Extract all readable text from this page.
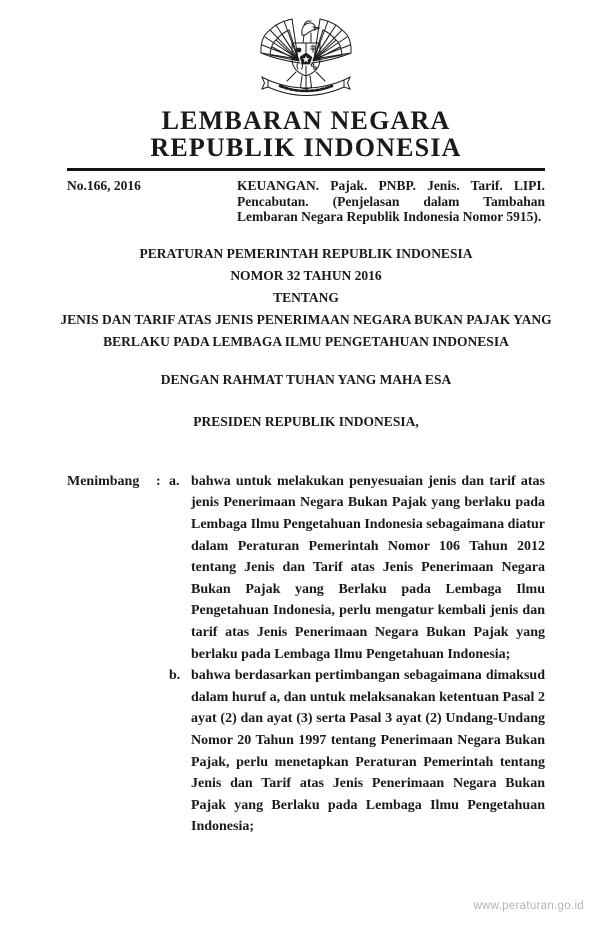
LEMBARAN NEGARA
REPUBLIK INDONESIA
No.166, 2016	KEUANGAN. Pajak. PNBP. Jenis. Tarif. LIPI. Pencabutan. (Penjelasan dalam Tambahan Lembaran Negara Republik Indonesia Nomor 5915).
PERATURAN PEMERINTAH REPUBLIK INDONESIA
NOMOR 32 TAHUN 2016
TENTANG
JENIS DAN TARIF ATAS JENIS PENERIMAAN NEGARA BUKAN PAJAK YANG
BERLAKU PADA LEMBAGA ILMU PENGETAHUAN INDONESIA
DENGAN RAHMAT TUHAN YANG MAHA ESA
PRESIDEN REPUBLIK INDONESIA,
Menimbang	: a. bahwa untuk melakukan penyesuaian jenis dan tarif atas jenis Penerimaan Negara Bukan Pajak yang berlaku pada Lembaga Ilmu Pengetahuan Indonesia sebagaimana diatur dalam Peraturan Pemerintah Nomor 106 Tahun 2012 tentang Jenis dan Tarif atas Jenis Penerimaan Negara Bukan Pajak yang Berlaku pada Lembaga Ilmu Pengetahuan Indonesia, perlu mengatur kembali jenis dan tarif atas Jenis Penerimaan Negara Bukan Pajak yang berlaku pada Lembaga Ilmu Pengetahuan Indonesia;
b. bahwa berdasarkan pertimbangan sebagaimana dimaksud dalam huruf a, dan untuk melaksanakan ketentuan Pasal 2 ayat (2) dan ayat (3) serta Pasal 3 ayat (2) Undang-Undang Nomor 20 Tahun 1997 tentang Penerimaan Negara Bukan Pajak, perlu menetapkan Peraturan Pemerintah tentang Jenis dan Tarif atas Jenis Penerimaan Negara Bukan Pajak yang Berlaku pada Lembaga Ilmu Pengetahuan Indonesia;
www.peraturan.go.id
